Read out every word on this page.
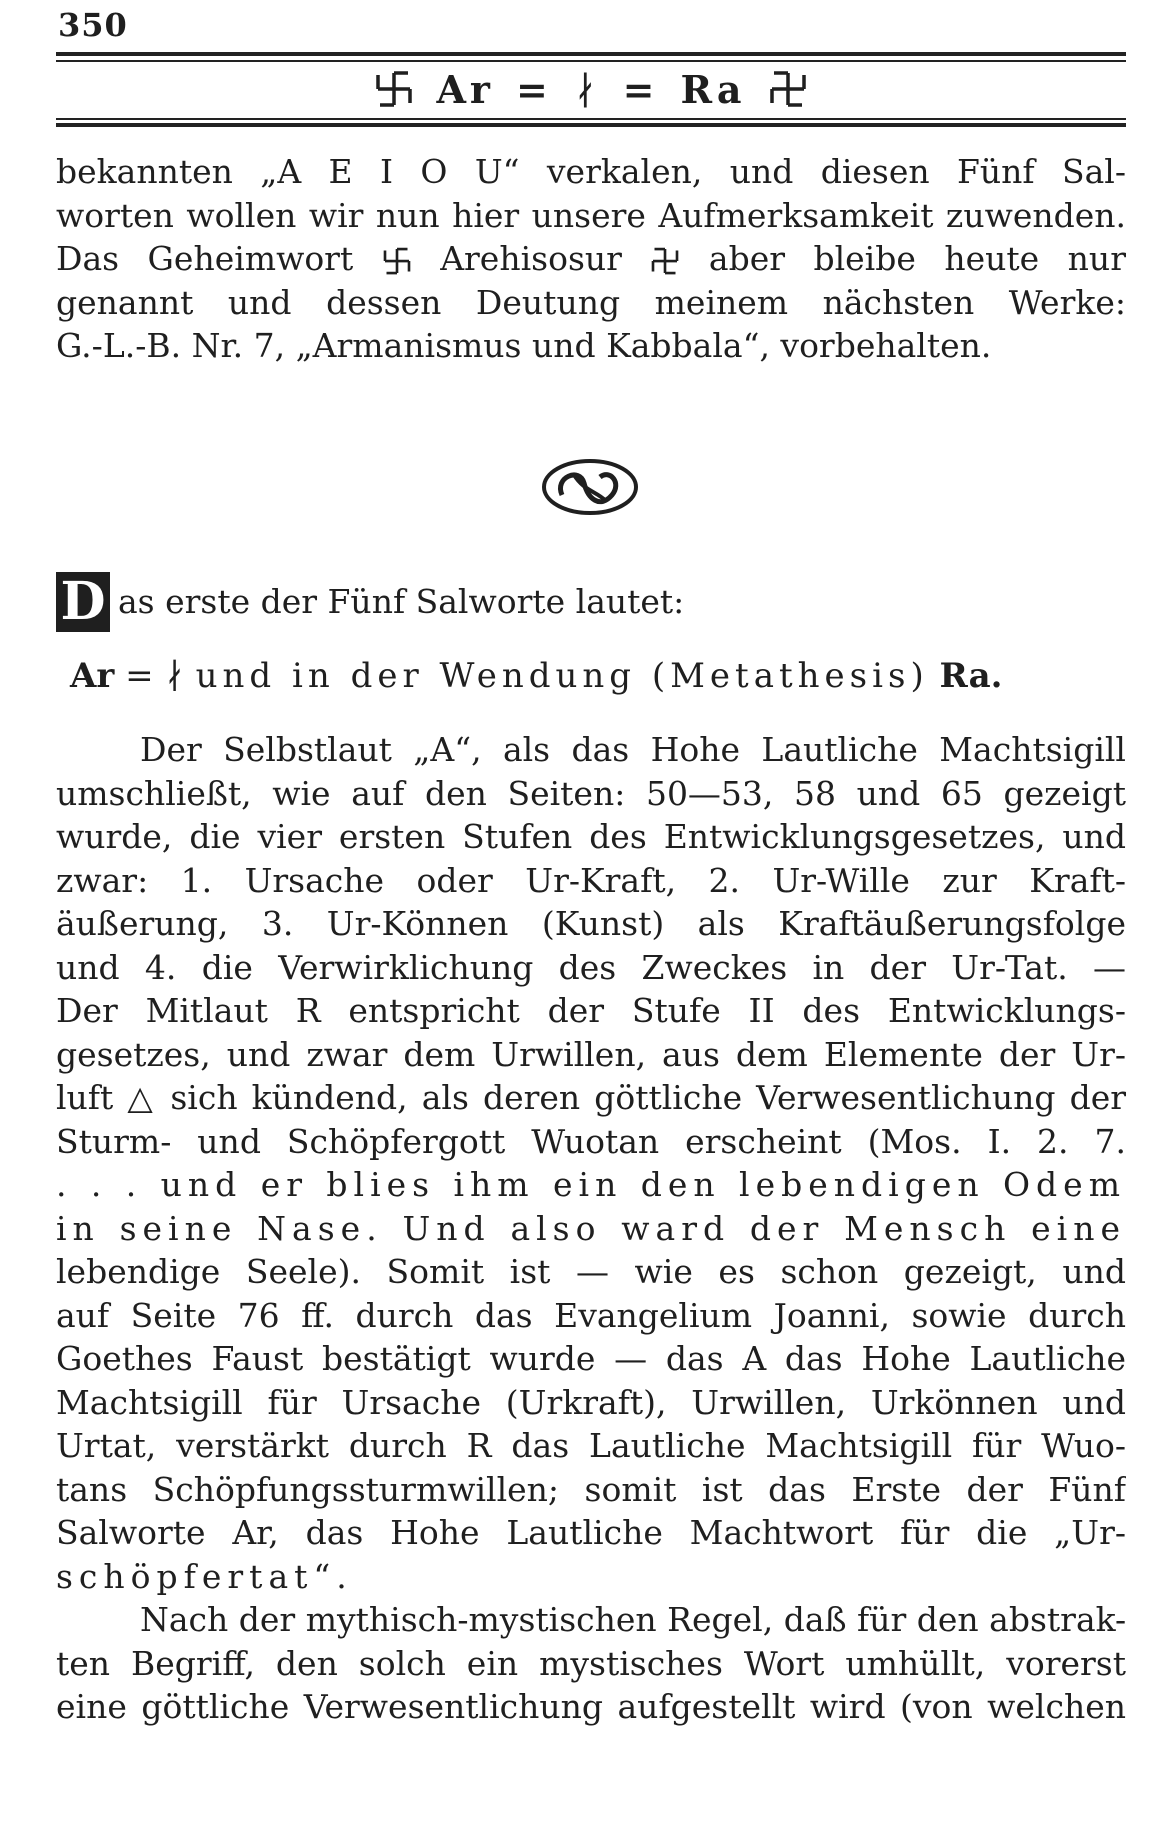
350
Ar = ᛅ = Ra
bekannten „A E I O U“ verkalen, und diesen Fünf Sal-
worten wollen wir nun hier unsere Aufmerksamkeit zuwenden.
Das Geheimwort	Arehisosur	aber bleibe heute nur
genannt und dessen Deutung meinem nächsten Werke:
G.-L.-B. Nr. 7, „Armanismus und Kabbala“, vorbehalten.
D as erste der Fünf Salworte lautet:
Ar = ᛅ und in der Wendung (Metathesis) Ra.
Der Selbstlaut „A“, als das Hohe Lautliche Machtsigill
umschließt, wie auf den Seiten: 50—53, 58 und 65 gezeigt
wurde, die vier ersten Stufen des Entwicklungsgesetzes, und
zwar: 1. Ursache oder Ur-Kraft, 2. Ur-Wille zur Kraft-
äußerung, 3. Ur-Können (Kunst) als Kraftäußerungsfolge
und 4. die Verwirklichung des Zweckes in der Ur-Tat. —
Der Mitlaut R entspricht der Stufe II des Entwicklungs-
gesetzes, und zwar dem Urwillen, aus dem Elemente der Ur-
luft △ sich kündend, als deren göttliche Verwesentlichung der
Sturm- und Schöpfergott Wuotan erscheint (Mos. I. 2. 7.
. . . und er blies ihm ein den lebendigen Odem
in seine Nase. Und also ward der Mensch eine
lebendige Seele). Somit ist — wie es schon gezeigt, und
auf Seite 76 ff. durch das Evangelium Joanni, sowie durch
Goethes Faust bestätigt wurde — das A das Hohe Lautliche
Machtsigill für Ursache (Urkraft), Urwillen, Urkönnen und
Urtat, verstärkt durch R das Lautliche Machtsigill für Wuo-
tans Schöpfungssturmwillen; somit ist das Erste der Fünf
Salworte Ar, das Hohe Lautliche Machtwort für die „Ur-
schöpfertat“.
Nach der mythisch-mystischen Regel, daß für den abstrak-
ten Begriff, den solch ein mystisches Wort umhüllt, vorerst
eine göttliche Verwesentlichung aufgestellt wird (von welchen
